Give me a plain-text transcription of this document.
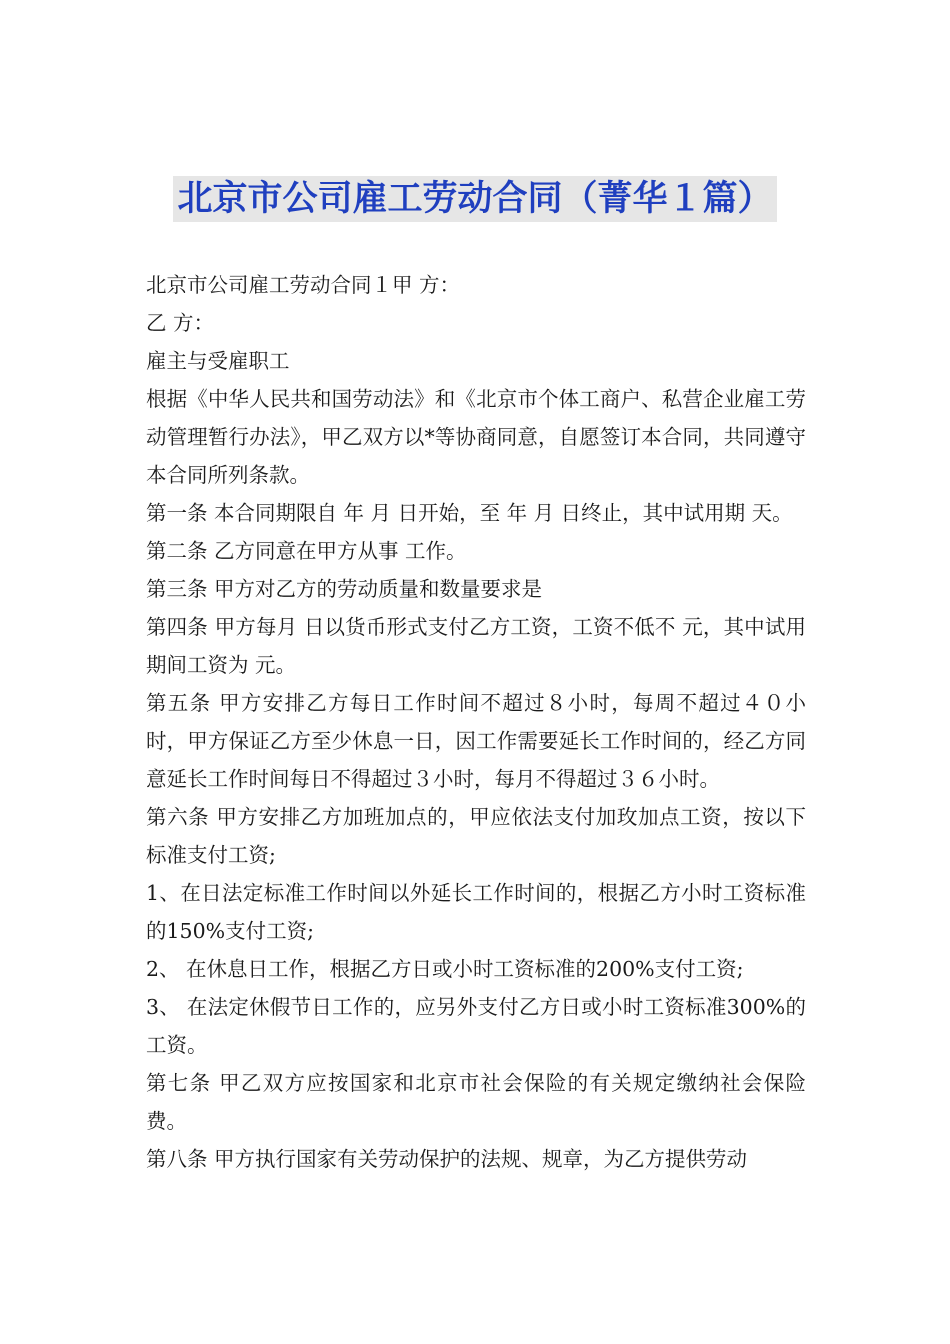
北京市公司雇工劳动合同（菁华１篇）

北京市公司雇工劳动合同１甲 方：

乙 方：

雇主与受雇职工

根据《中华人民共和国劳动法》和《北京市个体工商户、私营企业雇工劳动管理暂行办法》，甲乙双方以*等协商同意，自愿签订本合同，共同遵守本合同所列条款。

第一条 本合同期限自 年 月 日开始，至 年 月 日终止，其中试用期 天。

第二条 乙方同意在甲方从事 工作。

第三条 甲方对乙方的劳动质量和数量要求是

第四条 甲方每月 日以货币形式支付乙方工资，工资不低不 元，其中试用期间工资为 元。

第五条 甲方安排乙方每日工作时间不超过８小时，每周不超过４０小时，甲方保证乙方至少休息一日，因工作需要延长工作时间的，经乙方同意延长工作时间每日不得超过３小时，每月不得超过３６小时。

第六条 甲方安排乙方加班加点的，甲应依法支付加玫加点工资，按以下标准支付工资;

1、在日法定标准工作时间以外延长工作时间的，根据乙方小时工资标准的150%支付工资;

2、 在休息日工作，根据乙方日或小时工资标准的200%支付工资;

3、 在法定休假节日工作的，应另外支付乙方日或小时工资标准300%的工资。

第七条 甲乙双方应按国家和北京市社会保险的有关规定缴纳社会保险费。

第八条 甲方执行国家有关劳动保护的法规、规章，为乙方提供劳动
